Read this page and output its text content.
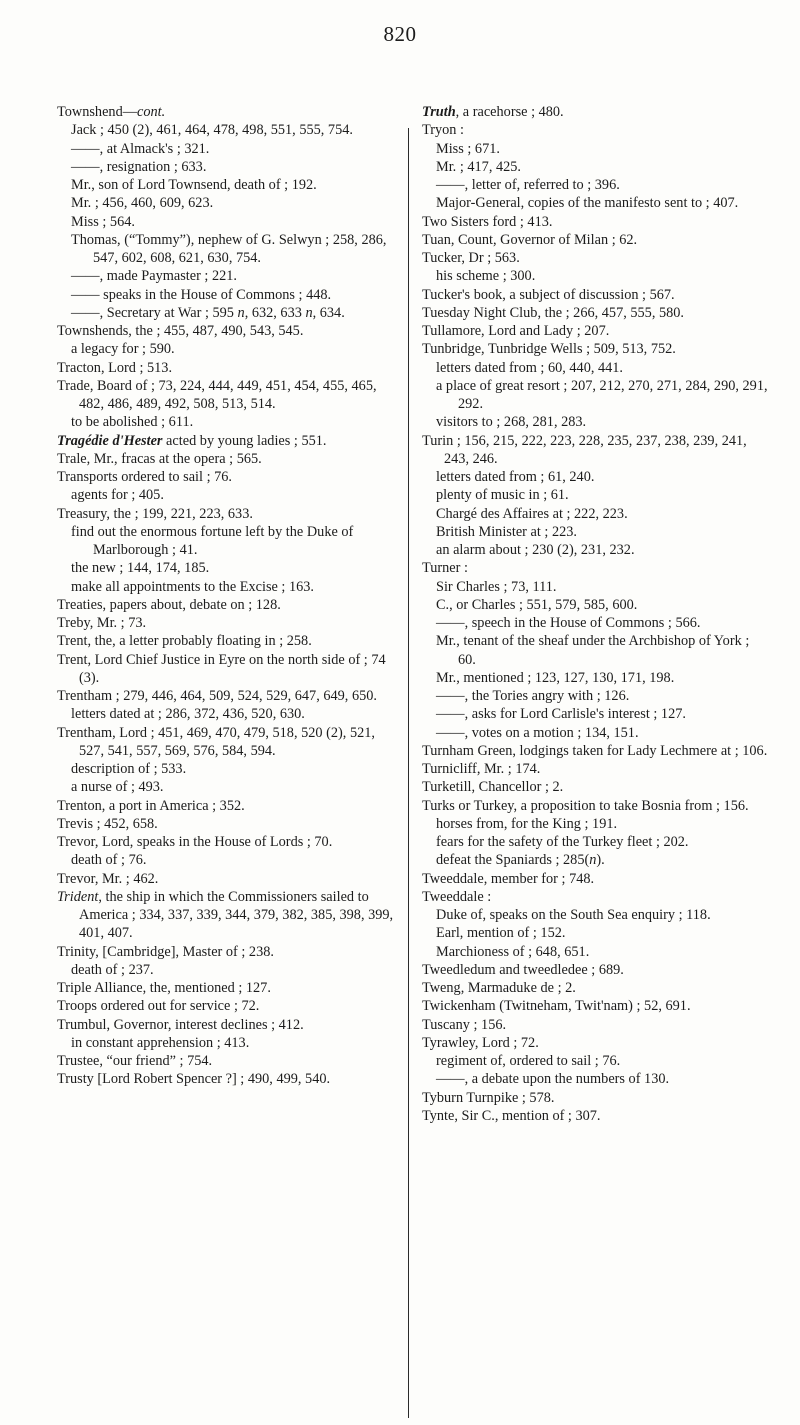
820
Townshend—cont.
Jack ; 450 (2), 461, 464, 478, 498, 551, 555, 754.
——, at Almack's ; 321.
——, resignation ; 633.
Mr., son of Lord Townsend, death of ; 192.
Mr. ; 456, 460, 609, 623.
Miss ; 564.
Thomas, (“Tommy”), nephew of G. Selwyn ; 258, 286, 547, 602, 608, 621, 630, 754.
——, made Paymaster ; 221.
—— speaks in the House of Commons ; 448.
——, Secretary at War ; 595 n, 632, 633 n, 634.
Townshends, the ; 455, 487, 490, 543, 545.
a legacy for ; 590.
Tracton, Lord ; 513.
Trade, Board of ; 73, 224, 444, 449, 451, 454, 455, 465, 482, 486, 489, 492, 508, 513, 514.
to be abolished ; 611.
Tragédie d'Hester acted by young ladies ; 551.
Trale, Mr., fracas at the opera ; 565.
Transports ordered to sail ; 76.
agents for ; 405.
Treasury, the ; 199, 221, 223, 633.
find out the enormous fortune left by the Duke of Marlborough ; 41.
the new ; 144, 174, 185.
make all appointments to the Excise ; 163.
Treaties, papers about, debate on ; 128.
Treby, Mr. ; 73.
Trent, the, a letter probably floating in ; 258.
Trent, Lord Chief Justice in Eyre on the north side of ; 74 (3).
Trentham ; 279, 446, 464, 509, 524, 529, 647, 649, 650.
letters dated at ; 286, 372, 436, 520, 630.
Trentham, Lord ; 451, 469, 470, 479, 518, 520 (2), 521, 527, 541, 557, 569, 576, 584, 594.
description of ; 533.
a nurse of ; 493.
Trenton, a port in America ; 352.
Trevis ; 452, 658.
Trevor, Lord, speaks in the House of Lords ; 70.
death of ; 76.
Trevor, Mr. ; 462.
Trident, the ship in which the Commissioners sailed to America ; 334, 337, 339, 344, 379, 382, 385, 398, 399, 401, 407.
Trinity, [Cambridge], Master of ; 238.
death of ; 237.
Triple Alliance, the, mentioned ; 127.
Troops ordered out for service ; 72.
Trumbul, Governor, interest declines ; 412.
in constant apprehension ; 413.
Trustee, “our friend” ; 754.
Trusty [Lord Robert Spencer ?] ; 490, 499, 540.
Truth, a racehorse ; 480.
Tryon :
Miss ; 671.
Mr. ; 417, 425.
——, letter of, referred to ; 396.
Major-General, copies of the manifesto sent to ; 407.
Two Sisters ford ; 413.
Tuan, Count, Governor of Milan ; 62.
Tucker, Dr ; 563.
his scheme ; 300.
Tucker's book, a subject of discussion ; 567.
Tuesday Night Club, the ; 266, 457, 555, 580.
Tullamore, Lord and Lady ; 207.
Tunbridge, Tunbridge Wells ; 509, 513, 752.
letters dated from ; 60, 440, 441.
a place of great resort ; 207, 212, 270, 271, 284, 290, 291, 292.
visitors to ; 268, 281, 283.
Turin ; 156, 215, 222, 223, 228, 235, 237, 238, 239, 241, 243, 246.
letters dated from ; 61, 240.
plenty of music in ; 61.
Chargé des Affaires at ; 222, 223.
British Minister at ; 223.
an alarm about ; 230 (2), 231, 232.
Turner :
Sir Charles ; 73, 111.
C., or Charles ; 551, 579, 585, 600.
——, speech in the House of Commons ; 566.
Mr., tenant of the sheaf under the Archbishop of York ; 60.
Mr., mentioned ; 123, 127, 130, 171, 198.
——, the Tories angry with ; 126.
——, asks for Lord Carlisle's interest ; 127.
——, votes on a motion ; 134, 151.
Turnham Green, lodgings taken for Lady Lechmere at ; 106.
Turnicliff, Mr. ; 174.
Turketill, Chancellor ; 2.
Turks or Turkey, a proposition to take Bosnia from ; 156.
horses from, for the King ; 191.
fears for the safety of the Turkey fleet ; 202.
defeat the Spaniards ; 285(n).
Tweeddale, member for ; 748.
Tweeddale :
Duke of, speaks on the South Sea enquiry ; 118.
Earl, mention of ; 152.
Marchioness of ; 648, 651.
Tweedledum and tweedledee ; 689.
Tweng, Marmaduke de ; 2.
Twickenham (Twitneham, Twit'nam) ; 52, 691.
Tuscany ; 156.
Tyrawley, Lord ; 72.
regiment of, ordered to sail ; 76.
——, a debate upon the numbers of 130.
Tyburn Turnpike ; 578.
Tynte, Sir C., mention of ; 307.
